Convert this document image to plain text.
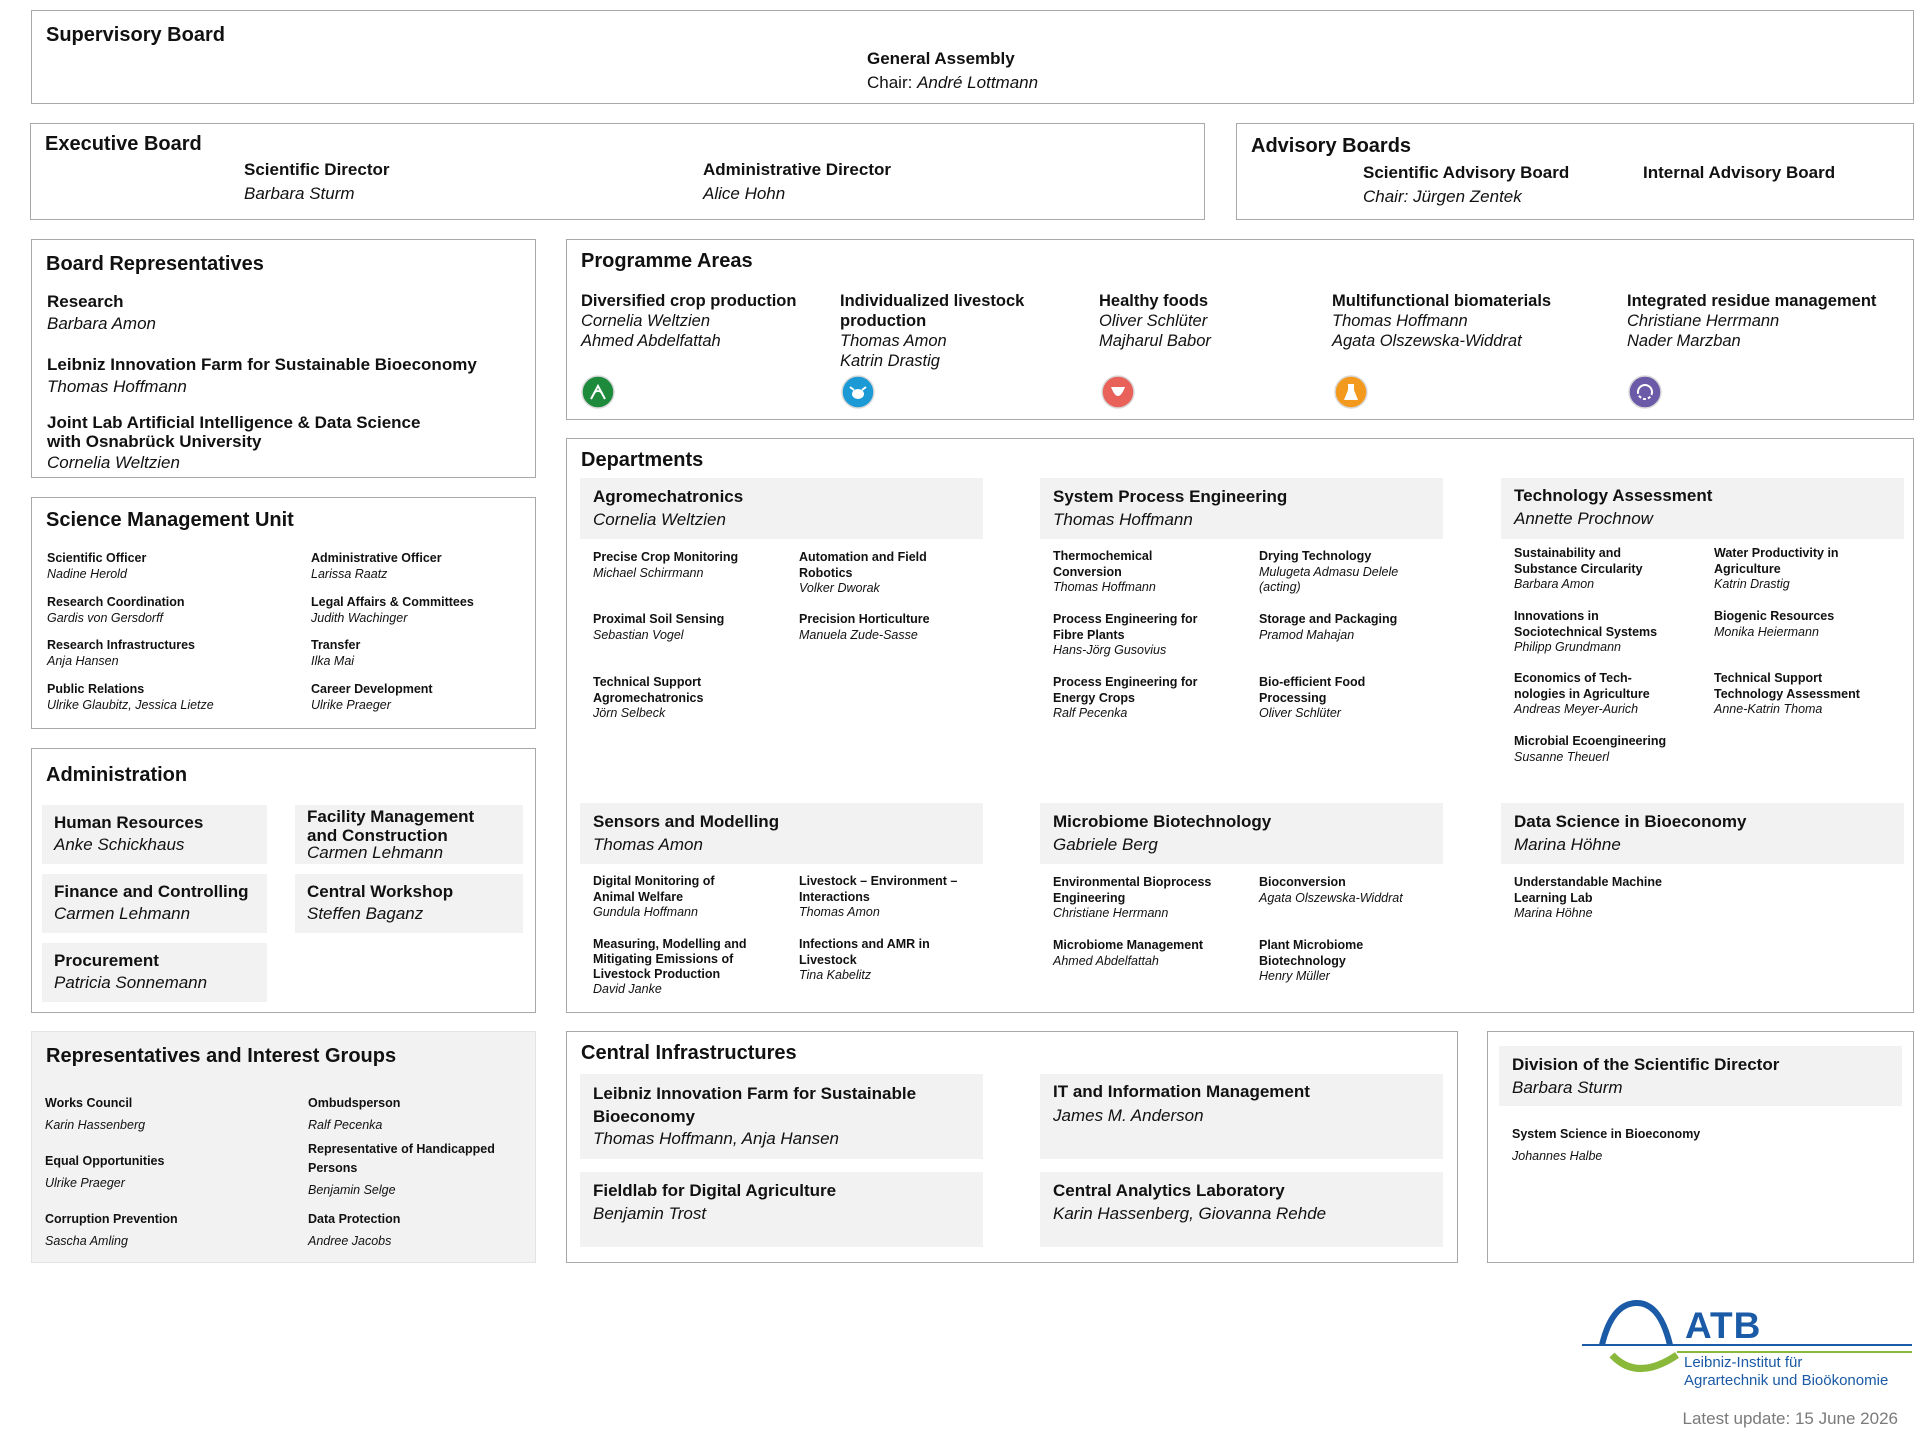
Supervisory Board
General Assembly
Chair: André Lottmann
Executive Board
Scientific Director
Barbara Sturm
Administrative Director
Alice Hohn
Advisory Boards
Scientific Advisory Board
Chair: Jürgen Zentek
Internal Advisory Board
Board Representatives
Research
Barbara Amon
Leibniz Innovation Farm for Sustainable Bioeconomy
Thomas Hoffmann
Joint Lab Artificial Intelligence & Data Science
with Osnabrück University
Cornelia Weltzien
Science Management Unit
Scientific Officer
Nadine Herold
Administrative Officer
Larissa Raatz
Research Coordination
Gardis von Gersdorff
Legal Affairs & Committees
Judith Wachinger
Research Infrastructures
Anja Hansen
Transfer
Ilka Mai
Public Relations
Ulrike Glaubitz, Jessica Lietze
Career Development
Ulrike Praeger
Administration
Human Resources
Anke Schickhaus
Facility Management
and Construction
Carmen Lehmann
Finance and Controlling
Carmen Lehmann
Central Workshop
Steffen Baganz
Procurement
Patricia Sonnemann
Representatives and Interest Groups
Works Council
Karin Hassenberg
Ombudsperson
Ralf Pecenka
Equal Opportunities
Ulrike Praeger
Representative of Handicapped
Persons
Benjamin Selge
Corruption Prevention
Sascha Amling
Data Protection
Andree Jacobs
Programme Areas
Diversified crop production
Cornelia Weltzien
Ahmed Abdelfattah
Individualized livestock
production
Thomas Amon
Katrin Drastig
Healthy foods
Oliver Schlüter
Majharul Babor
Multifunctional biomaterials
Thomas Hoffmann
Agata Olszewska-Widdrat
Integrated residue management
Christiane Herrmann
Nader Marzban
Departments
Agromechatronics
Cornelia Weltzien
Precise Crop Monitoring
Michael Schirrmann
Automation and Field
Robotics
Volker Dworak
Proximal Soil Sensing
Sebastian Vogel
Precision Horticulture
Manuela Zude-Sasse
Technical Support
Agromechatronics
Jörn Selbeck
System Process Engineering
Thomas Hoffmann
Thermochemical
Conversion
Thomas Hoffmann
Drying Technology
Mulugeta Admasu Delele
(acting)
Process Engineering for
Fibre Plants
Hans-Jörg Gusovius
Storage and Packaging
Pramod Mahajan
Process Engineering for
Energy Crops
Ralf Pecenka
Bio-efficient Food
Processing
Oliver Schlüter
Technology Assessment
Annette Prochnow
Sustainability and
Substance Circularity
Barbara Amon
Water Productivity in
Agriculture
Katrin Drastig
Innovations in
Sociotechnical Systems
Philipp Grundmann
Biogenic Resources
Monika Heiermann
Economics of Tech-
nologies in Agriculture
Andreas Meyer-Aurich
Technical Support
Technology Assessment
Anne-Katrin Thoma
Microbial Ecoengineering
Susanne Theuerl
Sensors and Modelling
Thomas Amon
Digital Monitoring of
Animal Welfare
Gundula Hoffmann
Livestock – Environment –
Interactions
Thomas Amon
Measuring, Modelling and
Mitigating Emissions of
Livestock Production
David Janke
Infections and AMR in
Livestock
Tina Kabelitz
Microbiome Biotechnology
Gabriele Berg
Environmental Bioprocess
Engineering
Christiane Herrmann
Bioconversion
Agata Olszewska-Widdrat
Microbiome Management
Ahmed Abdelfattah
Plant Microbiome
Biotechnology
Henry Müller
Data Science in Bioeconomy
Marina Höhne
Understandable Machine
Learning Lab
Marina Höhne
Central Infrastructures
Leibniz Innovation Farm for Sustainable
Bioeconomy
Thomas Hoffmann, Anja Hansen
IT and Information Management
James M. Anderson
Fieldlab for Digital Agriculture
Benjamin Trost
Central Analytics Laboratory
Karin Hassenberg, Giovanna Rehde
Division of the Scientific Director
Barbara Sturm
System Science in Bioeconomy
Johannes Halbe
ATB
Leibniz-Institut für
Agrartechnik und Bioökonomie
Latest update: 15 June 2026
